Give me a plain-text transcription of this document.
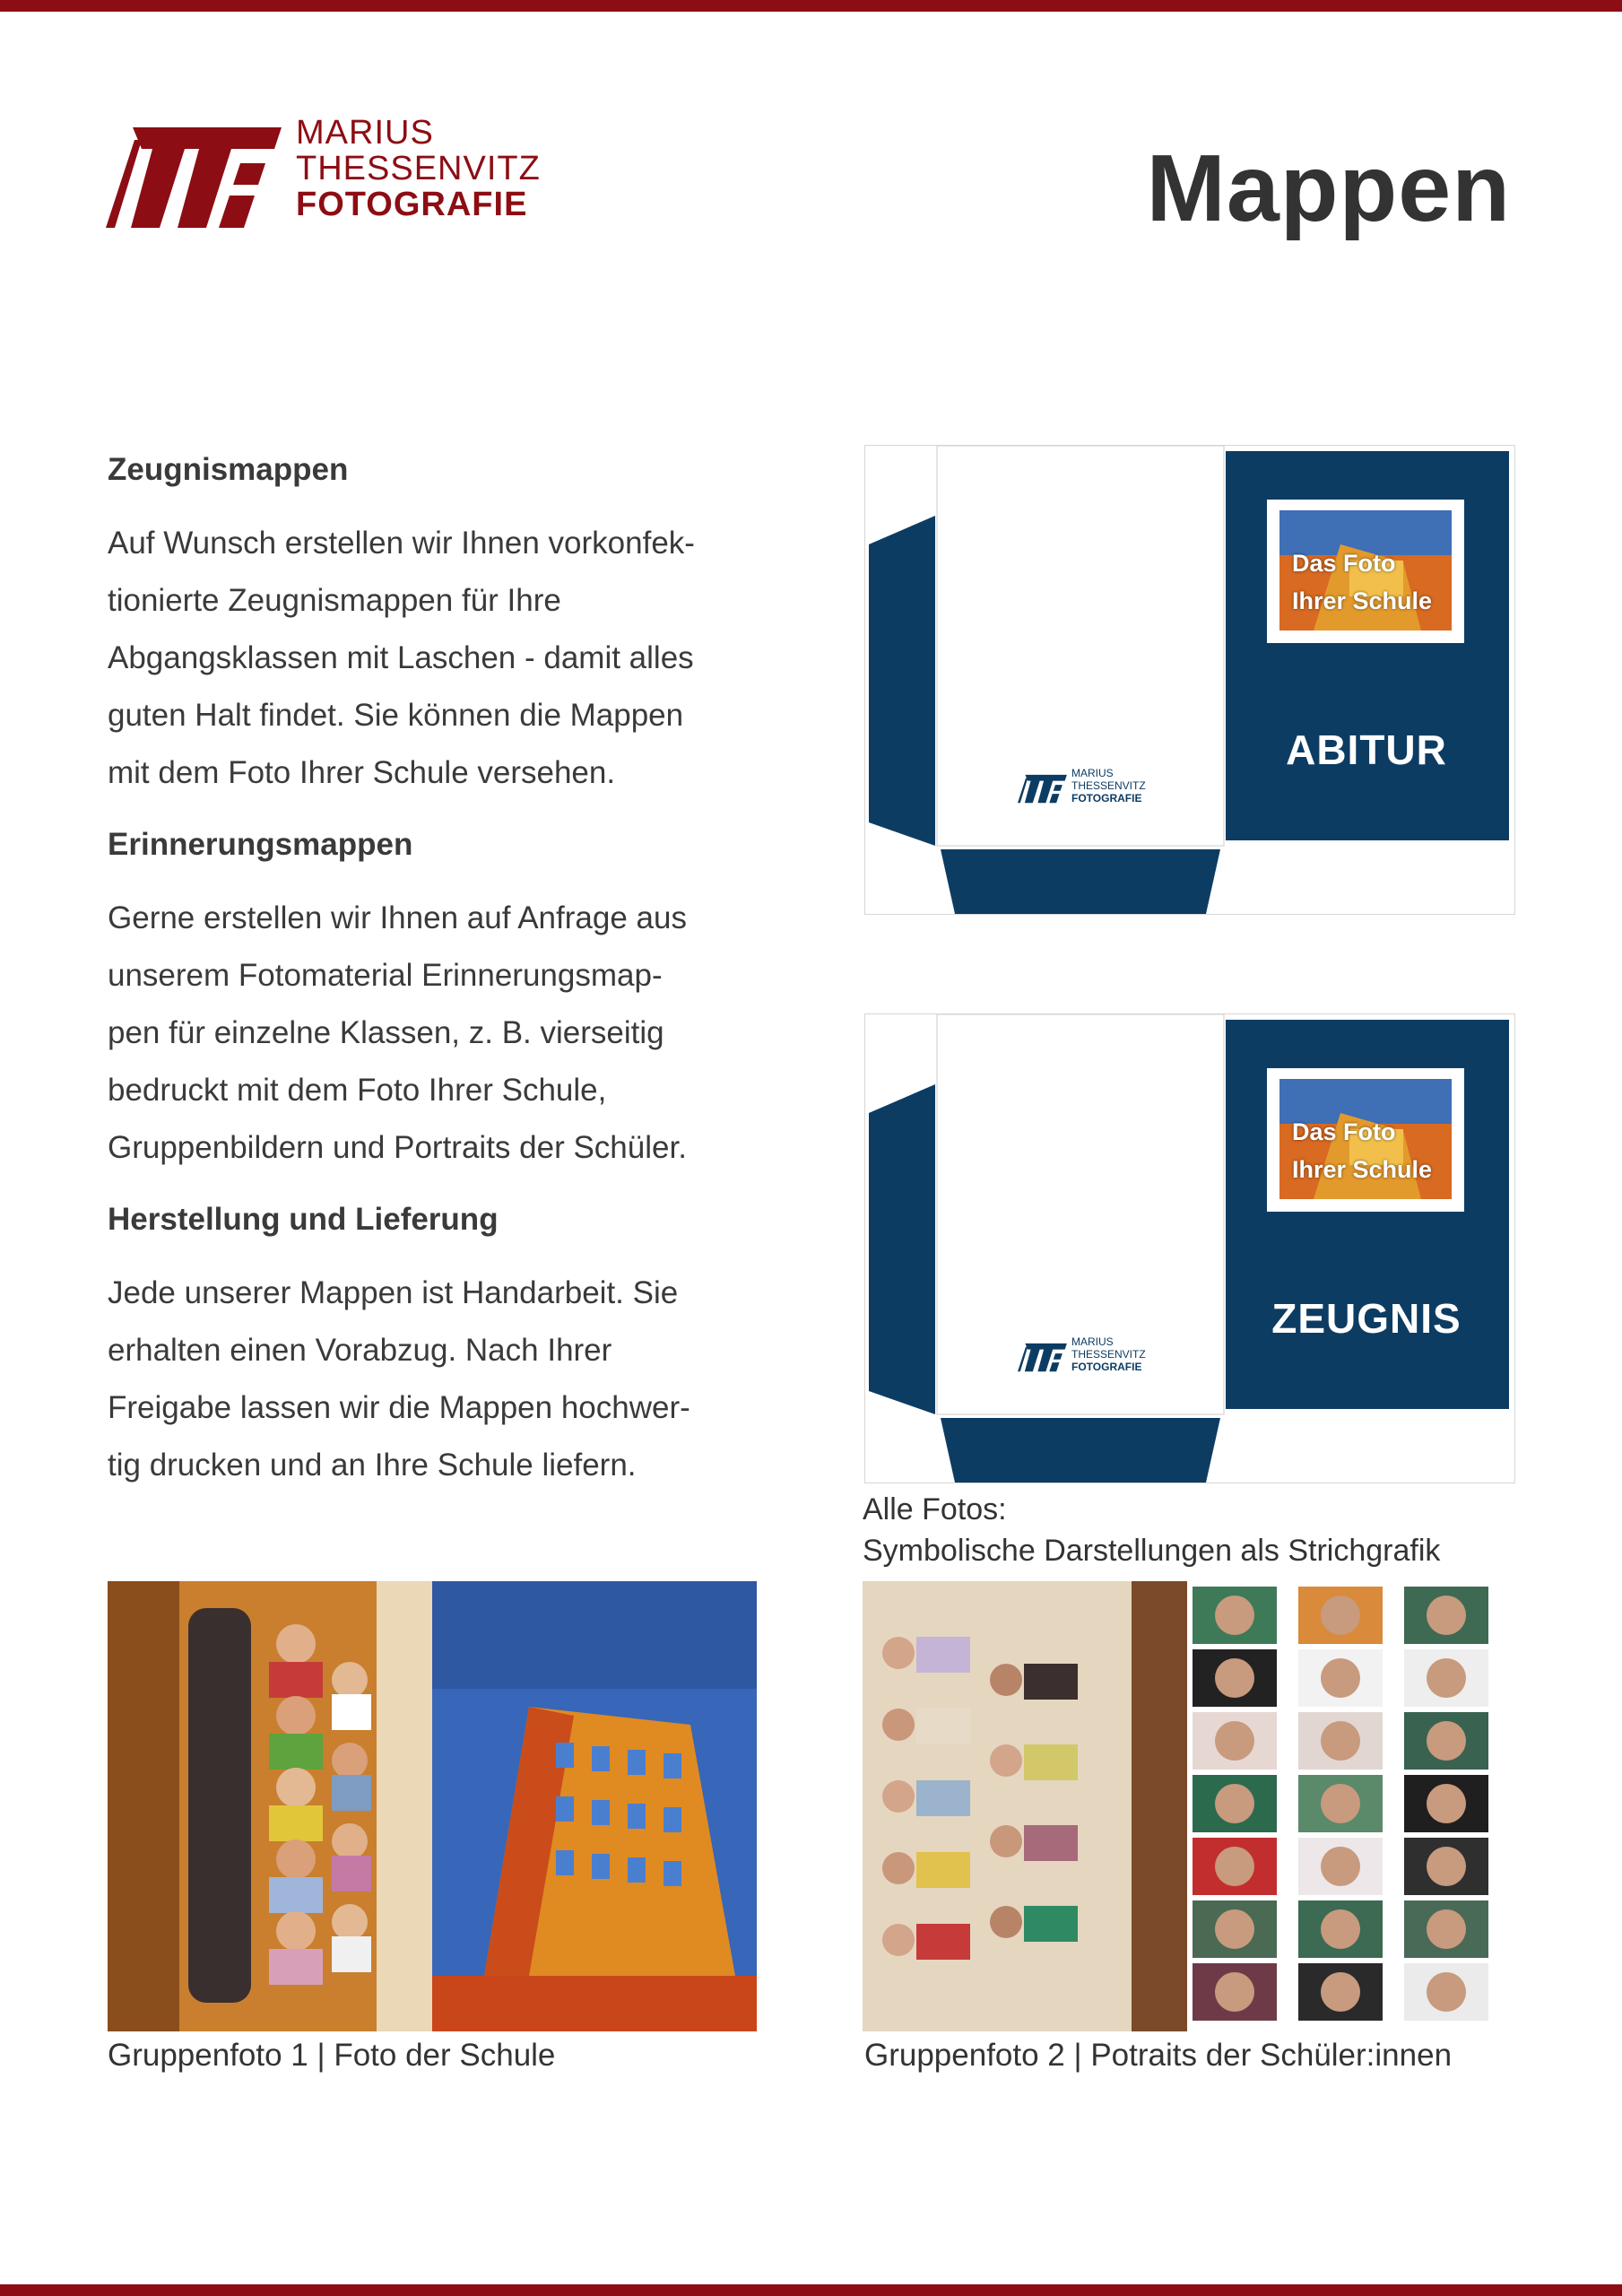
MARIUS
THESSENVITZ
FOTOGRAFIE	Mappen
Zeugnismappen

Auf Wunsch erstellen wir Ihnen vorkonfek-
tionierte Zeugnismappen für Ihre
Abgangsklassen mit Laschen - damit alles
guten Halt findet. Sie können die Mappen
mit dem Foto Ihrer Schule versehen.

Erinnerungsmappen

Gerne erstellen wir Ihnen auf Anfrage aus
unserem Fotomaterial Erinnerungsmap-
pen für einzelne Klassen, z. B. vierseitig
bedruckt mit dem Foto Ihrer Schule,
Gruppenbildern und Portraits der Schüler.

Herstellung und Lieferung

Jede unserer Mappen ist Handarbeit. Sie
erhalten einen Vorabzug. Nach Ihrer
Freigabe lassen wir die Mappen hochwer-
tig drucken und an Ihre Schule liefern.

Das Foto
Ihrer Schule
ABITUR
MARIUS
THESSENVITZ
FOTOGRAFIE
Das Foto
Ihrer Schule
ZEUGNIS
MARIUS
THESSENVITZ
FOTOGRAFIE
Alle Fotos:
Symbolische Darstellungen als Strichgrafik
Gruppenfoto 1 | Foto der Schule	Gruppenfoto 2 | Potraits der Schüler:innen
